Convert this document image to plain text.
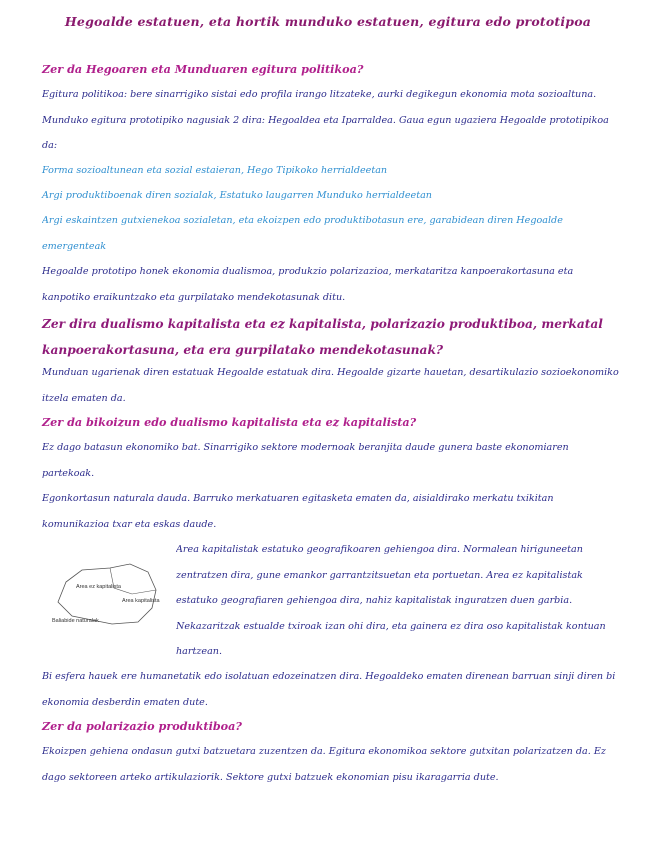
Hegoalde estatuen, eta hortik munduko estatuen, egitura edo prototipoa
Zer da Hegoaren eta Munduaren egitura politikoa?
Egitura politikoa: bere sinarrigiko sistai edo profila irango litzateke, aurki degikegun ekonomia mota sozioaltuna. Munduko egitura prototipiko nagusiak 2 dira: Hegoaldea eta Iparraldea. Gaua egun ugaziera Hegoalde prototipikoa da:
Forma sozioaltunean eta sozial estaieran, Hego Tipikoko herrialdeetan
Argi produktiboenak diren sozialak, Estatuko laugarren Munduko herrialdeetan
Argi eskaintzen gutxienekoa sozialetan, eta ekoizpen edo produktibotasun ere, garabidean diren Hegoalde emergenteak
Hegoalde prototipo honek ekonomia dualismoa, produkzio polarizazioa, merkataritza kanpoerakortasuna eta kanpotiko eraikuntzako eta gurpilatako mendekotasunak ditu.
Zer dira dualismo kapitalista eta ez kapitalista, polarizazio produktiboa, merkatal kanpoerakortasuna, eta era gurpilatako mendekotasunak?
Munduan ugarienak diren estatuak Hegoalde estatuak dira. Hegoalde gizarte hauetan, desartikulazio sozioekonomiko itzela ematen da.
Zer da bikoizun edo dualismo kapitalista eta ez kapitalista?
Ez dago batasun ekonomiko bat. Sinarrigiko sektore modernoak beranjita daude gunera baste ekonomiaren partekoak.
Egonkortasun naturala dauda. Barruko merkatuaren egitasketa ematen da, aisialdirako merkatu txikitan komunikazioa txar eta eskas daude.
Area ez kapitalista
Area kapitalista
Baliabide naturalak
Area kapitalistak estatuko geografikoaren gehiengoa dira. Normalean hiriguneetan zentratzen dira, gune emankor garrantzitsuetan eta portuetan. Area ez kapitalistak estatuko geografiaren gehiengoa dira, nahiz kapitalistak inguratzen duen garbia. Nekazaritzak estualde txiroak izan ohi dira, eta gainera ez dira oso kapitalistak kontuan hartzean.
Bi esfera hauek ere humanetatik edo isolatuan edozeinatzen dira. Hegoaldeko ematen direnean barruan sinji diren bi ekonomia desberdin ematen dute.
Zer da polarizazio produktiboa?
Ekoizpen gehiena ondasun gutxi batzuetara zuzentzen da. Egitura ekonomikoa sektore gutxitan polarizatzen da. Ez dago sektoreen arteko artikulaziorik. Sektore gutxi batzuek ekonomian pisu ikaragarria dute.
